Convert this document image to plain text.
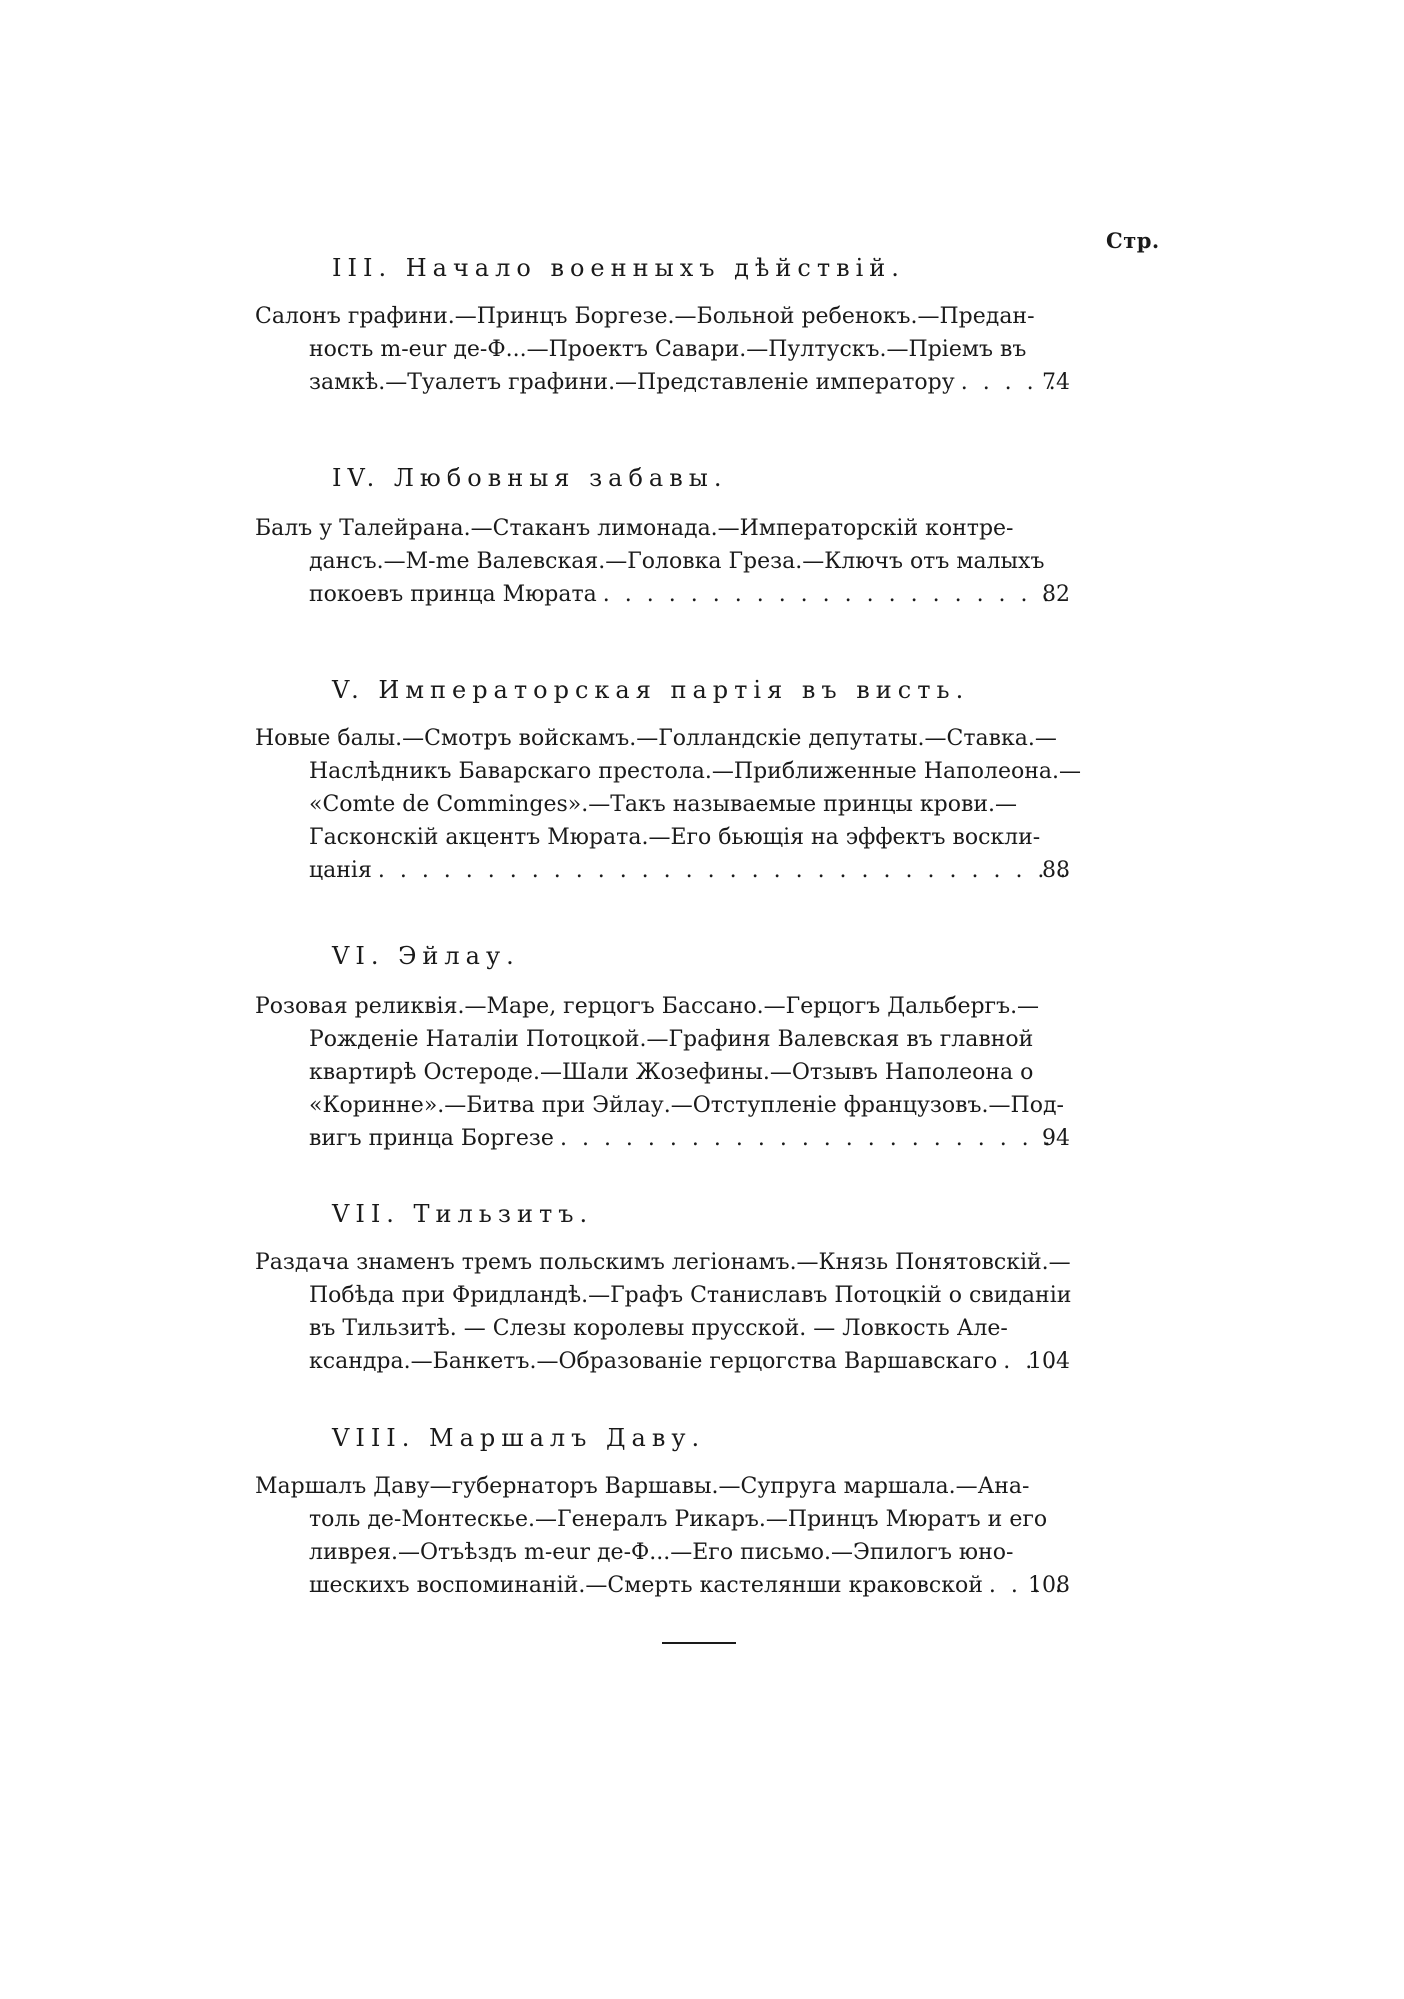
Стр.
III. Начало военныхъ дѣйствій.
Салонъ графини.—Принцъ Боргезе.—Больной ребенокъ.—Предан-
ность m-eur де-Ф...—Проектъ Савари.—Пултускъ.—Пріемъ въ
замкѣ.—Туалетъ графини.—Представленіе императору . . .	74
IV. Любовныя забавы.
Балъ у Талейрана.—Стаканъ лимонада.—Императорскій контре-
дансъ.—M-me Валевская.—Головка Греза.—Ключъ отъ малыхъ
покоевъ принца Мюрата . . .	82
V. Императорская партія въ висть.
Новые балы.—Смотръ войскамъ.—Голландскіе депутаты.—Ставка.—
Наслѣдникъ Баварскаго престола.—Приближенные Наполеона.—
«Comte de Comminges».—Такъ называемые принцы крови.—
Гасконскій акцентъ Мюрата.—Его бьющія на эффектъ воскли-
цанія . . .	88
VI. Эйлау.
Розовая реликвія.—Маре, герцогъ Бассано.—Герцогъ Дальбергъ.—
Рожденіе Наталіи Потоцкой.—Графиня Валевская въ главной
квартирѣ Остероде.—Шали Жозефины.—Отзывъ Наполеона о
«Коринне».—Битва при Эйлау.—Отступленіе французовъ.—Под-
вигъ принца Боргезе . . .	94
VII. Тильзитъ.
Раздача знаменъ тремъ польскимъ легіонамъ.—Князь Понятовскій.—
Побѣда при Фридландѣ.—Графъ Станиславъ Потоцкій о свиданіи
въ Тильзитѣ. — Слезы королевы прусской. — Ловкость Але-
ксандра.—Банкетъ.—Образованіе герцогства Варшавскаго . . .	104
VIII. Маршалъ Даву.
Маршалъ Даву—губернаторъ Варшавы.—Супруга маршала.—Ана-
толь де-Монтескье.—Генералъ Рикаръ.—Принцъ Мюратъ и его
ливрея.—Отъѣздъ m-eur де-Ф...—Его письмо.—Эпилогъ юно-
шескихъ воспоминаній.—Смерть кастелянши краковской . . .	108
